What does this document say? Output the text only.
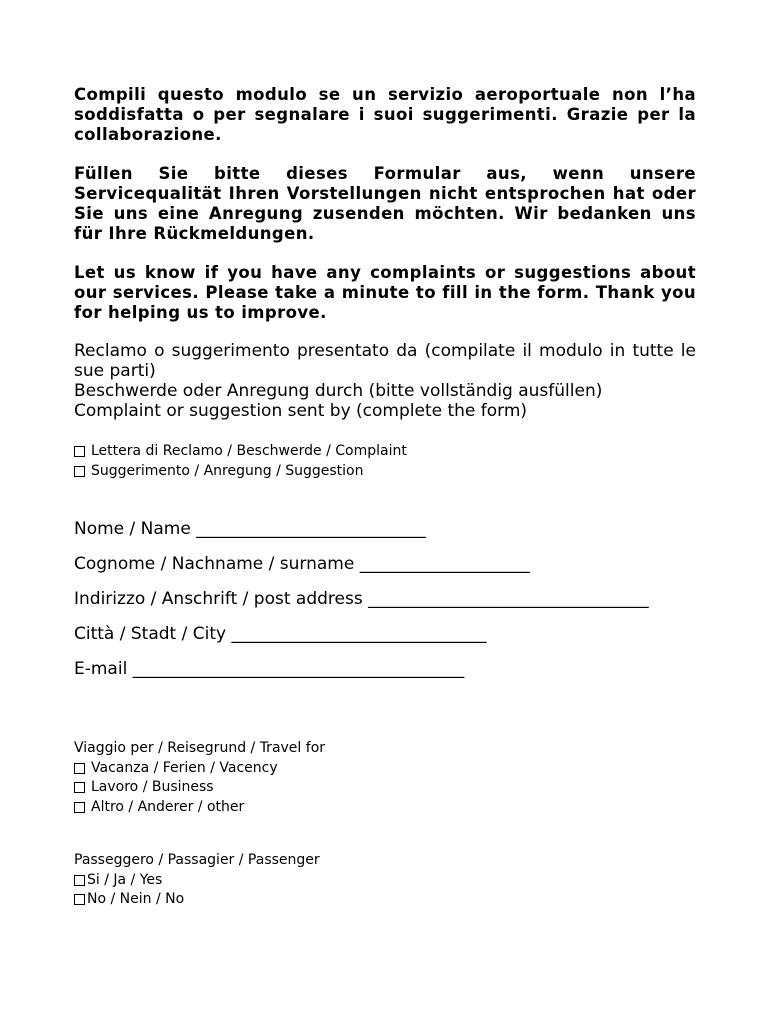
Compili questo modulo se un servizio aeroportuale non l’ha soddisfatta o per segnalare i suoi suggerimenti. Grazie per la collaborazione.

Füllen Sie bitte dieses Formular aus, wenn unsere Servicequalität Ihren Vorstellungen nicht entsprochen hat oder Sie uns eine Anregung zusenden möchten. Wir bedanken uns für Ihre Rückmeldungen.

Let us know if you have any complaints or suggestions about our services. Please take a minute to fill in the form. Thank you for helping us to improve.

Reclamo o suggerimento presentato da (compilate il modulo in tutte le sue parti)
Beschwerde oder Anregung durch (bitte vollständig ausfüllen)
Complaint or suggestion sent by (complete the form)
Lettera di Reclamo / Beschwerde / Complaint
Suggerimento / Anregung / Suggestion
Nome / Name ___________________________
Cognome / Nachname / surname ____________________
Indirizzo / Anschrift / post address _________________________________
Città / Stadt / City ______________________________
E-mail _______________________________________
Viaggio per / Reisegrund / Travel for
Vacanza / Ferien / Vacency
Lavoro / Business
Altro / Anderer / other
Passeggero / Passagier / Passenger
Si / Ja / Yes
No / Nein / No
